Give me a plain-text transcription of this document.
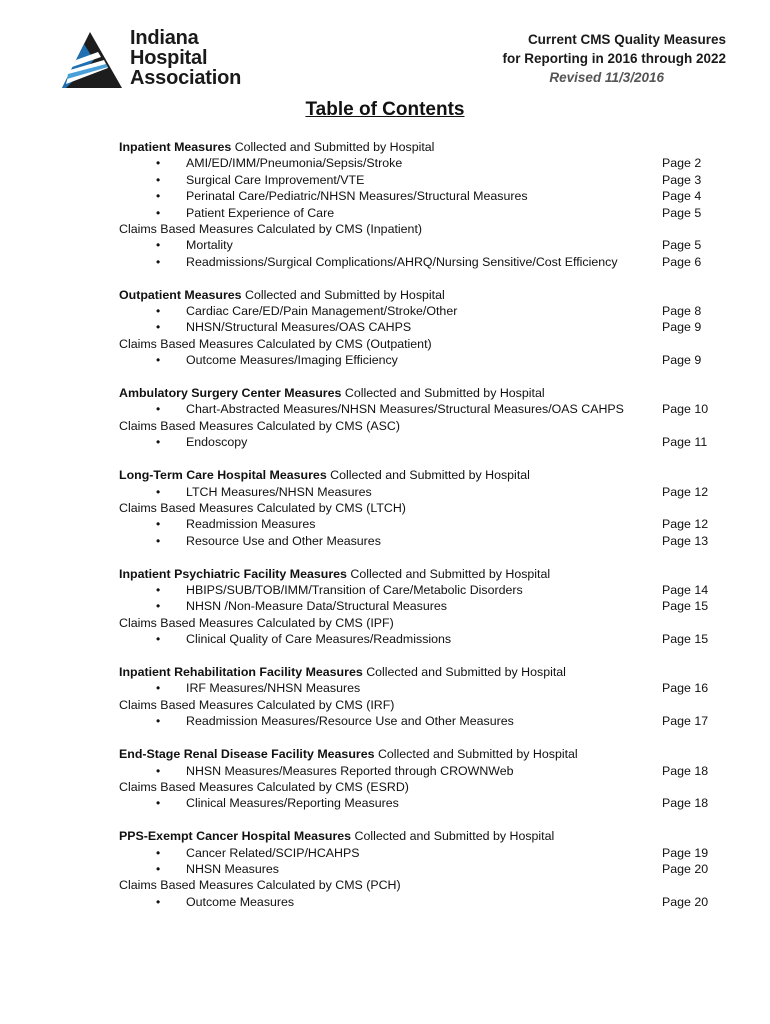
Indiana
Hospital
Association
Current CMS Quality Measures
for Reporting in 2016 through 2022
Revised 11/3/2016
Table of Contents
Inpatient Measures Collected and Submitted by Hospital
• AMI/ED/IMM/Pneumonia/Sepsis/Stroke	Page 2
• Surgical Care Improvement/VTE	Page 3
• Perinatal Care/Pediatric/NHSN Measures/Structural Measures	Page 4
• Patient Experience of Care	Page 5
Claims Based Measures Calculated by CMS (Inpatient)
• Mortality	Page 5
• Readmissions/Surgical Complications/AHRQ/Nursing Sensitive/Cost Efficiency	Page 6
Outpatient Measures Collected and Submitted by Hospital
• Cardiac Care/ED/Pain Management/Stroke/Other	Page 8
• NHSN/Structural Measures/OAS CAHPS	Page 9
Claims Based Measures Calculated by CMS (Outpatient)
• Outcome Measures/Imaging Efficiency	Page 9
Ambulatory Surgery Center Measures Collected and Submitted by Hospital
• Chart-Abstracted Measures/NHSN Measures/Structural Measures/OAS CAHPS	Page 10
Claims Based Measures Calculated by CMS (ASC)
• Endoscopy	Page 11
Long-Term Care Hospital Measures Collected and Submitted by Hospital
• LTCH Measures/NHSN Measures	Page 12
Claims Based Measures Calculated by CMS (LTCH)
• Readmission Measures	Page 12
• Resource Use and Other Measures	Page 13
Inpatient Psychiatric Facility Measures Collected and Submitted by Hospital
• HBIPS/SUB/TOB/IMM/Transition of Care/Metabolic Disorders	Page 14
• NHSN /Non-Measure Data/Structural Measures	Page 15
Claims Based Measures Calculated by CMS (IPF)
• Clinical Quality of Care Measures/Readmissions	Page 15
Inpatient Rehabilitation Facility Measures Collected and Submitted by Hospital
• IRF Measures/NHSN Measures	Page 16
Claims Based Measures Calculated by CMS (IRF)
• Readmission Measures/Resource Use and Other Measures	Page 17
End-Stage Renal Disease Facility Measures Collected and Submitted by Hospital
• NHSN Measures/Measures Reported through CROWNWeb	Page 18
Claims Based Measures Calculated by CMS (ESRD)
• Clinical Measures/Reporting Measures	Page 18
PPS-Exempt Cancer Hospital Measures Collected and Submitted by Hospital
• Cancer Related/SCIP/HCAHPS	Page 19
• NHSN Measures	Page 20
Claims Based Measures Calculated by CMS (PCH)
• Outcome Measures	Page 20
